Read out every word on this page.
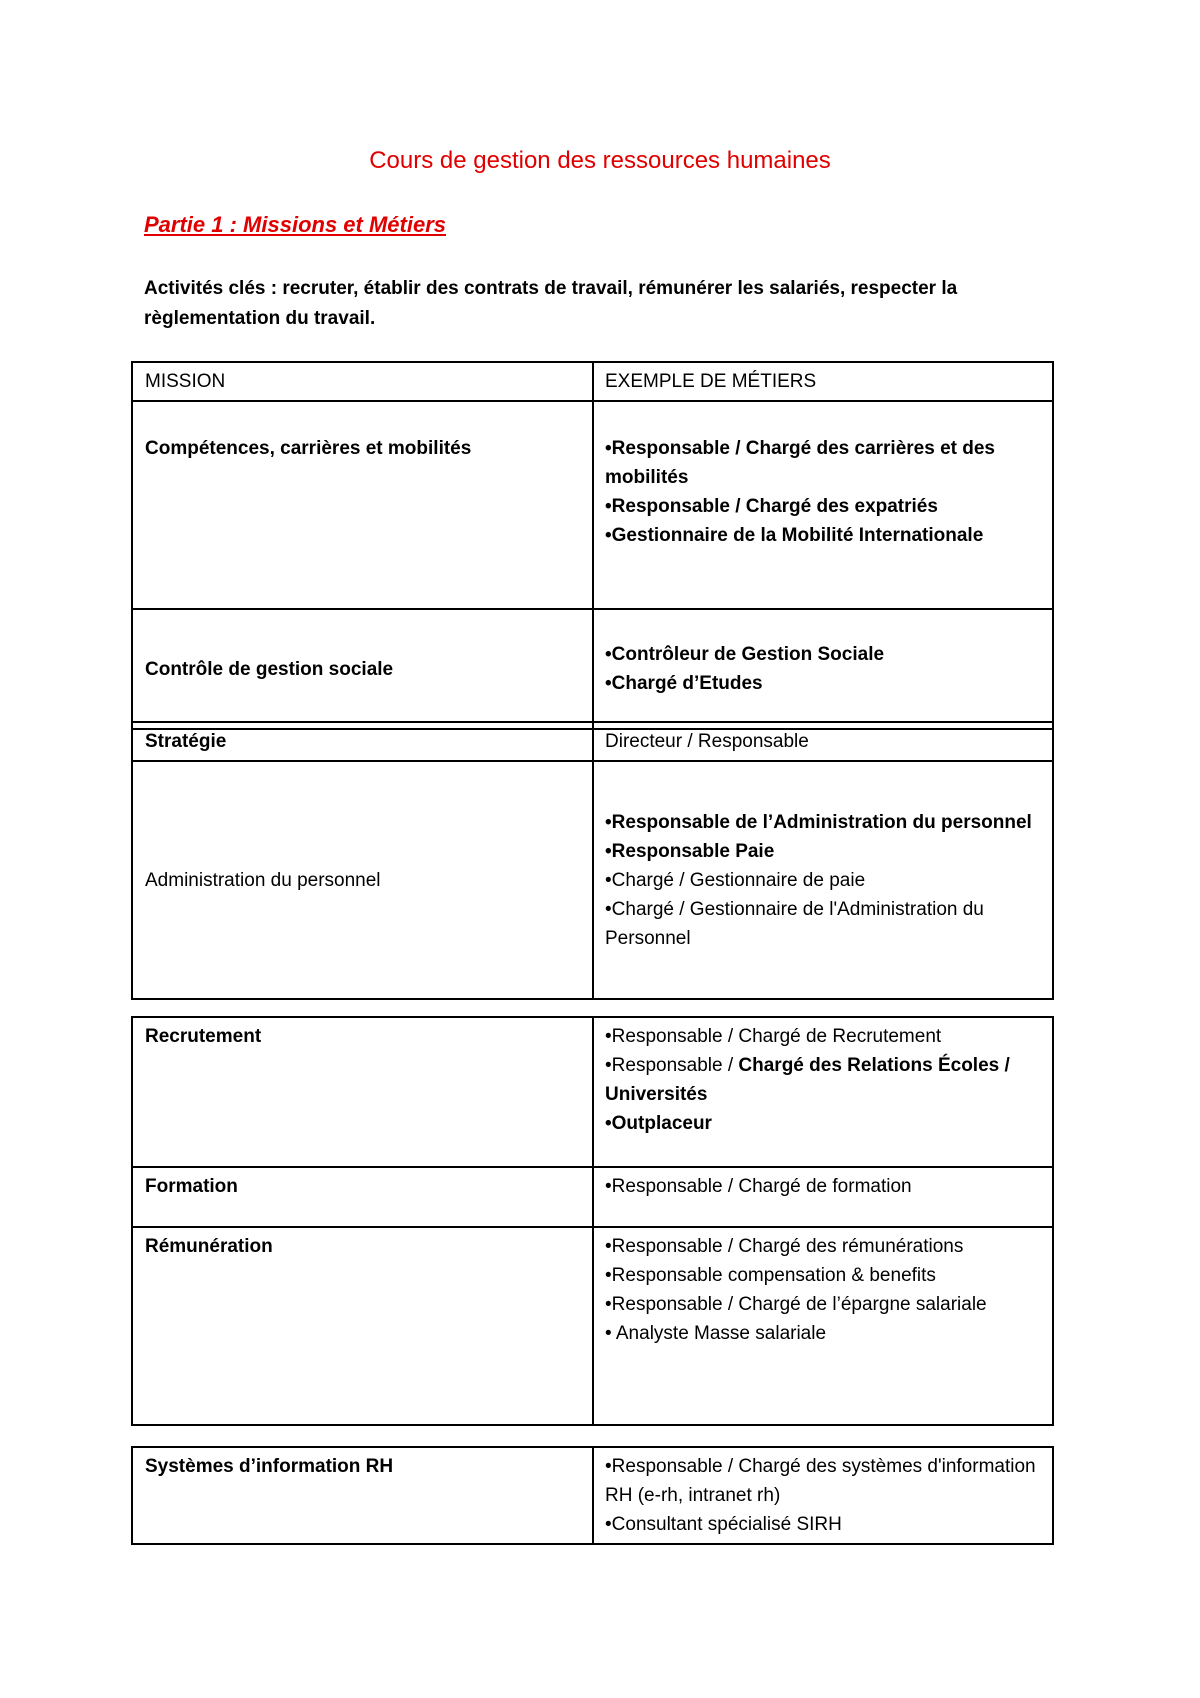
Cours de gestion des ressources humaines
Partie 1 : Missions et Métiers
Activités clés : recruter, établir des contrats de travail, rémunérer les salariés, respecter la règlementation du travail.
MISSION	EXEMPLE DE MÉTIERS
Compétences, carrières et mobilités	•Responsable / Chargé des carrières et des mobilités
•Responsable / Chargé des expatriés
•Gestionnaire de la Mobilité Internationale

Contrôle de gestion sociale	•Contrôleur de Gestion Sociale
•Chargé d’Etudes
Stratégie	Directeur / Responsable
Administration du personnel	•Responsable de l’Administration du personnel
•Responsable Paie
•Chargé / Gestionnaire de paie
•Chargé / Gestionnaire de l'Administration du Personnel
Recrutement	•Responsable / Chargé de Recrutement
•Responsable / Chargé des Relations Écoles / Universités
•Outplaceur

Formation	•Responsable / Chargé de formation

Rémunération	•Responsable / Chargé des rémunérations
•Responsable compensation & benefits
•Responsable / Chargé de l’épargne salariale
• Analyste Masse salariale
Systèmes d’information RH	•Responsable / Chargé des systèmes d'information RH (e-rh, intranet rh)
•Consultant spécialisé SIRH
